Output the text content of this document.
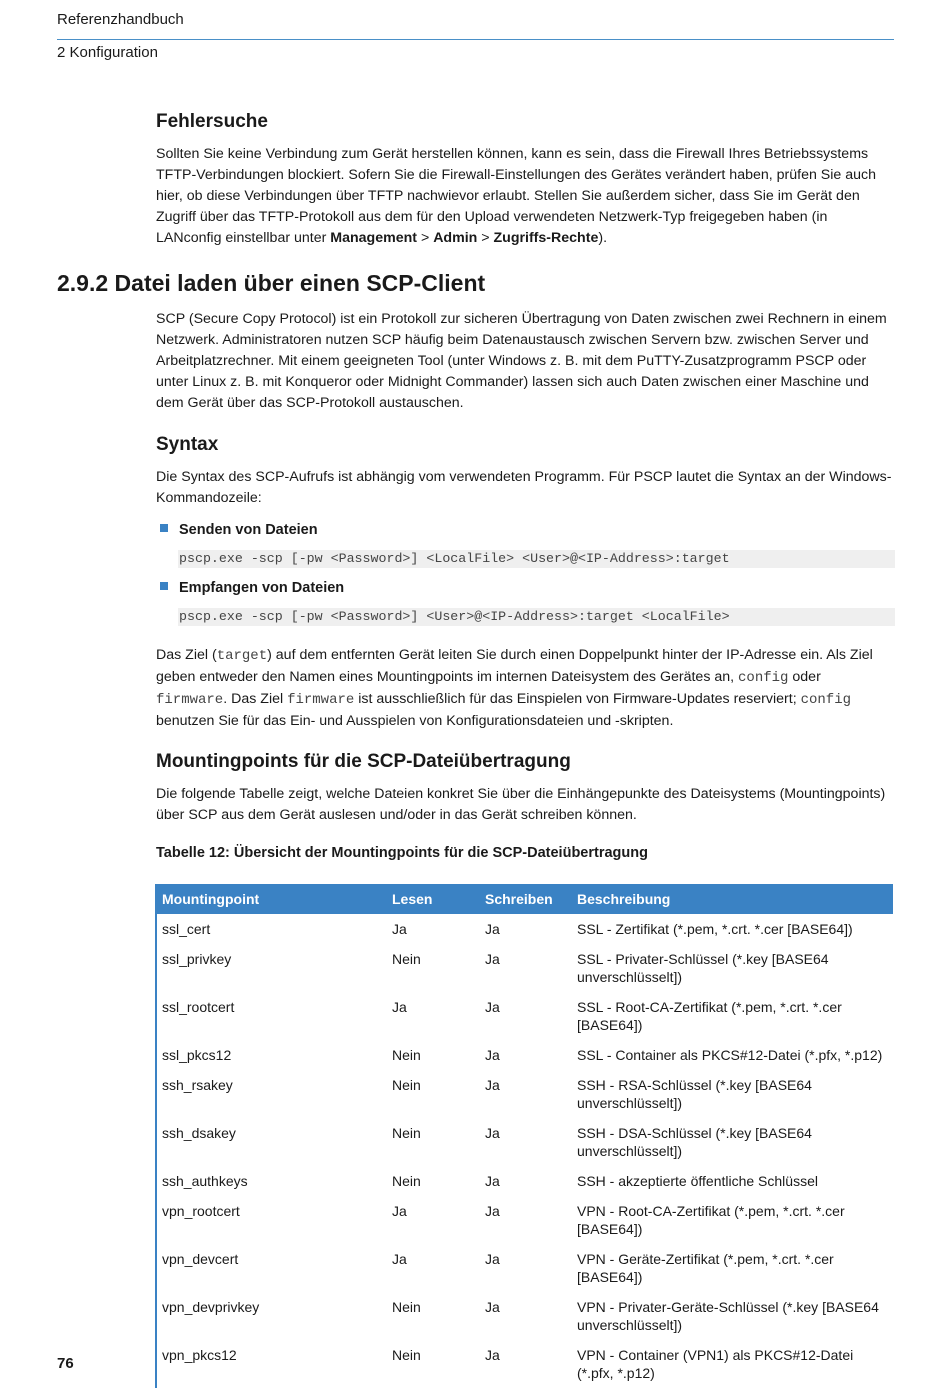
Referenzhandbuch
2 Konfiguration
Fehlersuche

Sollten Sie keine Verbindung zum Gerät herstellen können, kann es sein, dass die Firewall Ihres Betriebssystems TFTP-Verbindungen blockiert. Sofern Sie die Firewall-Einstellungen des Gerätes verändert haben, prüfen Sie auch hier, ob diese Verbindungen über TFTP nachwievor erlaubt. Stellen Sie außerdem sicher, dass Sie im Gerät den Zugriff über das TFTP-Protokoll aus dem für den Upload verwendeten Netzwerk-Typ freigegeben haben (in LANconfig einstellbar unter Management > Admin > Zugriffs-Rechte).

2.9.2 Datei laden über einen SCP-Client

SCP (Secure Copy Protocol) ist ein Protokoll zur sicheren Übertragung von Daten zwischen zwei Rechnern in einem Netzwerk. Administratoren nutzen SCP häufig beim Datenaustausch zwischen Servern bzw. zwischen Server und Arbeitplatzrechner. Mit einem geeigneten Tool (unter Windows z. B. mit dem PuTTY-Zusatzprogramm PSCP oder unter Linux z. B. mit Konqueror oder Midnight Commander) lassen sich auch Daten zwischen einer Maschine und dem Gerät über das SCP-Protokoll austauschen.

Syntax

Die Syntax des SCP-Aufrufs ist abhängig vom verwendeten Programm. Für PSCP lautet die Syntax an der Windows-Kommandozeile:

Senden von Dateien
pscp.exe -scp [-pw <Password>] <LocalFile> <User>@<IP-Address>:target
Empfangen von Dateien
pscp.exe -scp [-pw <Password>] <User>@<IP-Address>:target <LocalFile>

Das Ziel (target) auf dem entfernten Gerät leiten Sie durch einen Doppelpunkt hinter der IP-Adresse ein. Als Ziel geben entweder den Namen eines Mountingpoints im internen Dateisystem des Gerätes an, config oder firmware. Das Ziel firmware ist ausschließlich für das Einspielen von Firmware-Updates reserviert; config benutzen Sie für das Ein- und Ausspielen von Konfigurationsdateien und -skripten.

Mountingpoints für die SCP-Dateiübertragung

Die folgende Tabelle zeigt, welche Dateien konkret Sie über die Einhängepunkte des Dateisystems (Mountingpoints) über SCP aus dem Gerät auslesen und/oder in das Gerät schreiben können.

Tabelle 12: Übersicht der Mountingpoints für die SCP-Dateiübertragung
Mountingpoint	Lesen	Schreiben	Beschreibung
ssl_cert	Ja	Ja	SSL - Zertifikat (*.pem, *.crt. *.cer [BASE64])
ssl_privkey	Nein	Ja	SSL - Privater-Schlüssel (*.key [BASE64 unverschlüsselt])
ssl_rootcert	Ja	Ja	SSL - Root-CA-Zertifikat (*.pem, *.crt. *.cer [BASE64])
ssl_pkcs12	Nein	Ja	SSL - Container als PKCS#12-Datei (*.pfx, *.p12)
ssh_rsakey	Nein	Ja	SSH - RSA-Schlüssel (*.key [BASE64 unverschlüsselt])
ssh_dsakey	Nein	Ja	SSH - DSA-Schlüssel (*.key [BASE64 unverschlüsselt])
ssh_authkeys	Nein	Ja	SSH - akzeptierte öffentliche Schlüssel
vpn_rootcert	Ja	Ja	VPN - Root-CA-Zertifikat (*.pem, *.crt. *.cer [BASE64])
vpn_devcert	Ja	Ja	VPN - Geräte-Zertifikat (*.pem, *.crt. *.cer [BASE64])
vpn_devprivkey	Nein	Ja	VPN - Privater-Geräte-Schlüssel (*.key [BASE64 unverschlüsselt])
vpn_pkcs12	Nein	Ja	VPN - Container (VPN1) als PKCS#12-Datei (*.pfx, *.p12)
76
